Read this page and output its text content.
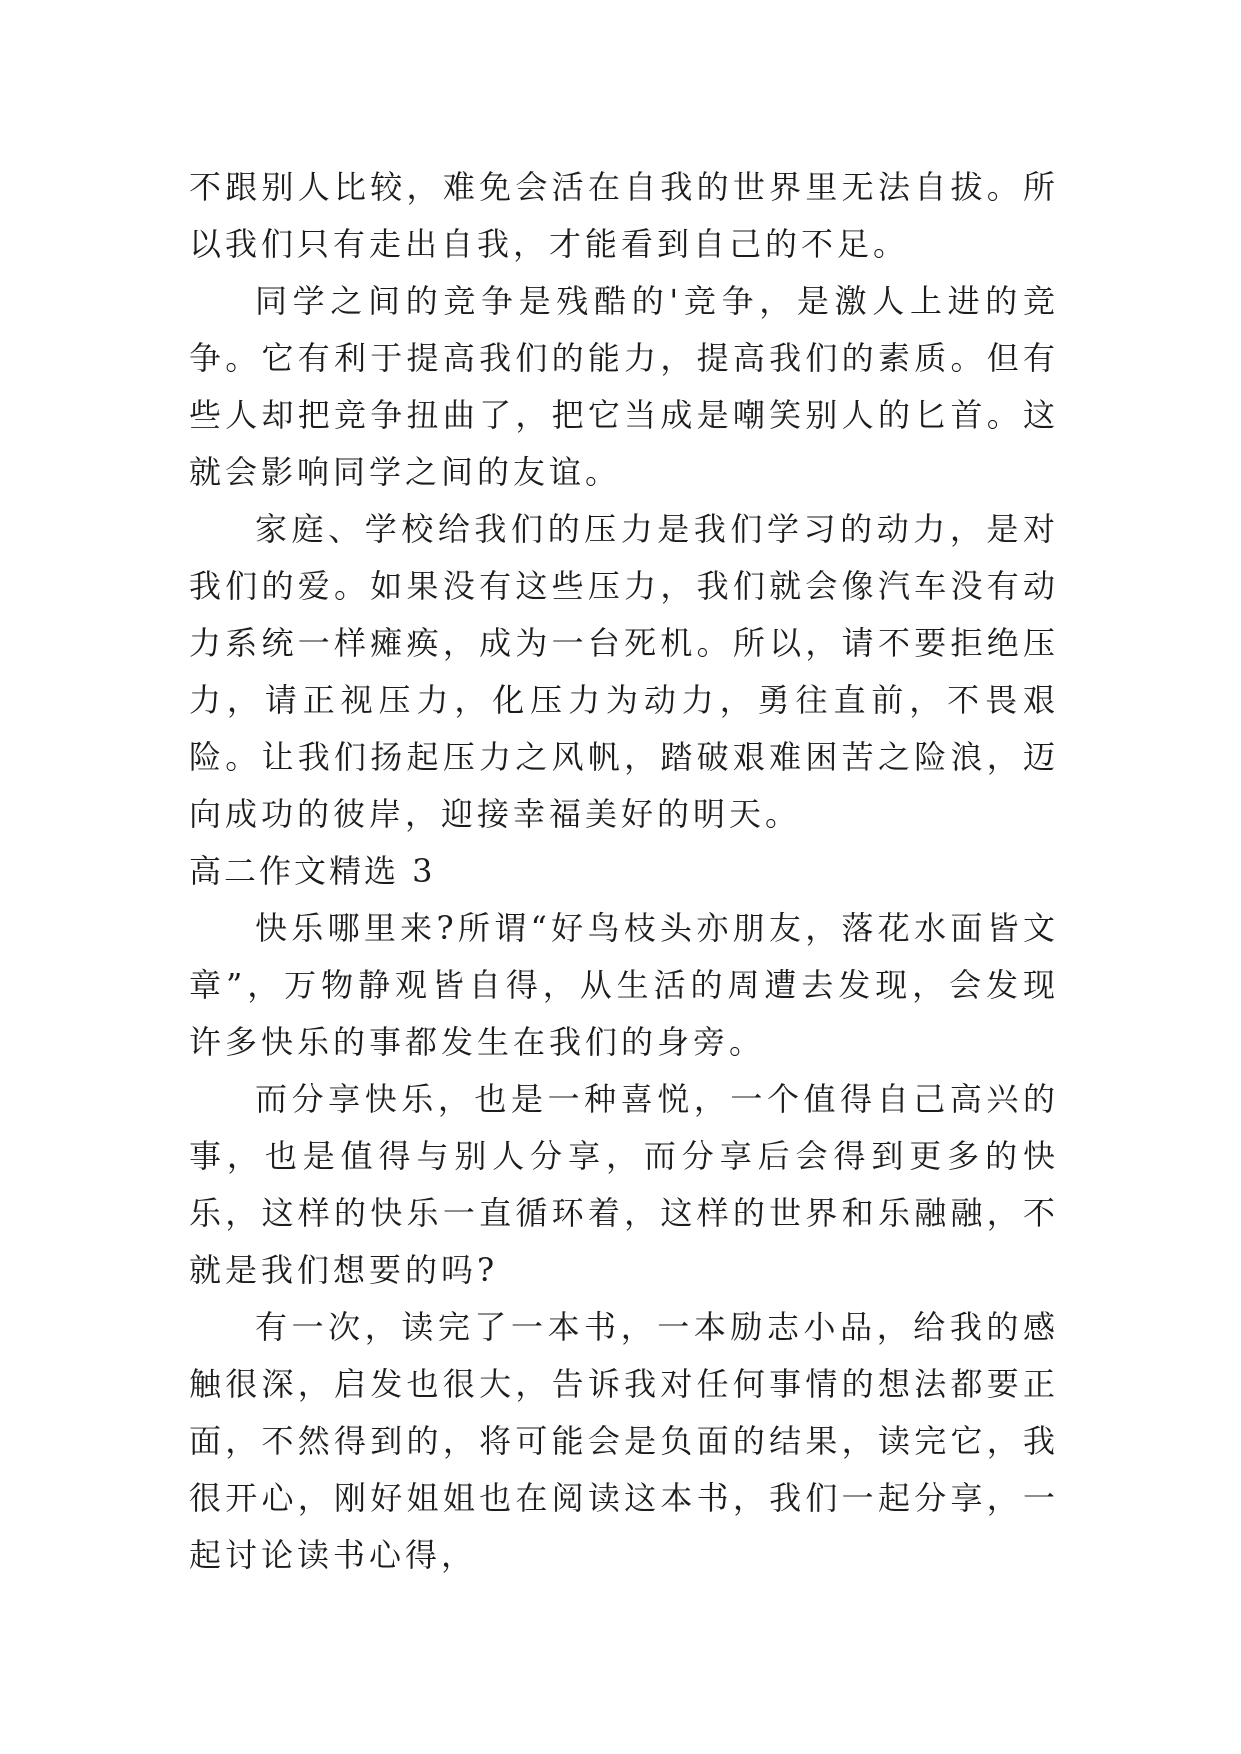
不跟别人比较，难免会活在自我的世界里无法自拔。所以我们只有走出自我，才能看到自己的不足。

同学之间的竞争是残酷的'竞争，是激人上进的竞争。它有利于提高我们的能力，提高我们的素质。但有些人却把竞争扭曲了，把它当成是嘲笑别人的匕首。这就会影响同学之间的友谊。

家庭、学校给我们的压力是我们学习的动力，是对我们的爱。如果没有这些压力，我们就会像汽车没有动力系统一样瘫痪，成为一台死机。所以，请不要拒绝压力，请正视压力，化压力为动力，勇往直前，不畏艰险。让我们扬起压力之风帆，踏破艰难困苦之险浪，迈向成功的彼岸，迎接幸福美好的明天。

高二作文精选 3

快乐哪里来?所谓“好鸟枝头亦朋友，落花水面皆文章”，万物静观皆自得，从生活的周遭去发现，会发现许多快乐的事都发生在我们的身旁。

而分享快乐，也是一种喜悦，一个值得自己高兴的事，也是值得与别人分享，而分享后会得到更多的快乐，这样的快乐一直循环着，这样的世界和乐融融，不就是我们想要的吗?

有一次，读完了一本书，一本励志小品，给我的感触很深，启发也很大，告诉我对任何事情的想法都要正面，不然得到的，将可能会是负面的结果，读完它，我很开心，刚好姐姐也在阅读这本书，我们一起分享，一起讨论读书心得，
